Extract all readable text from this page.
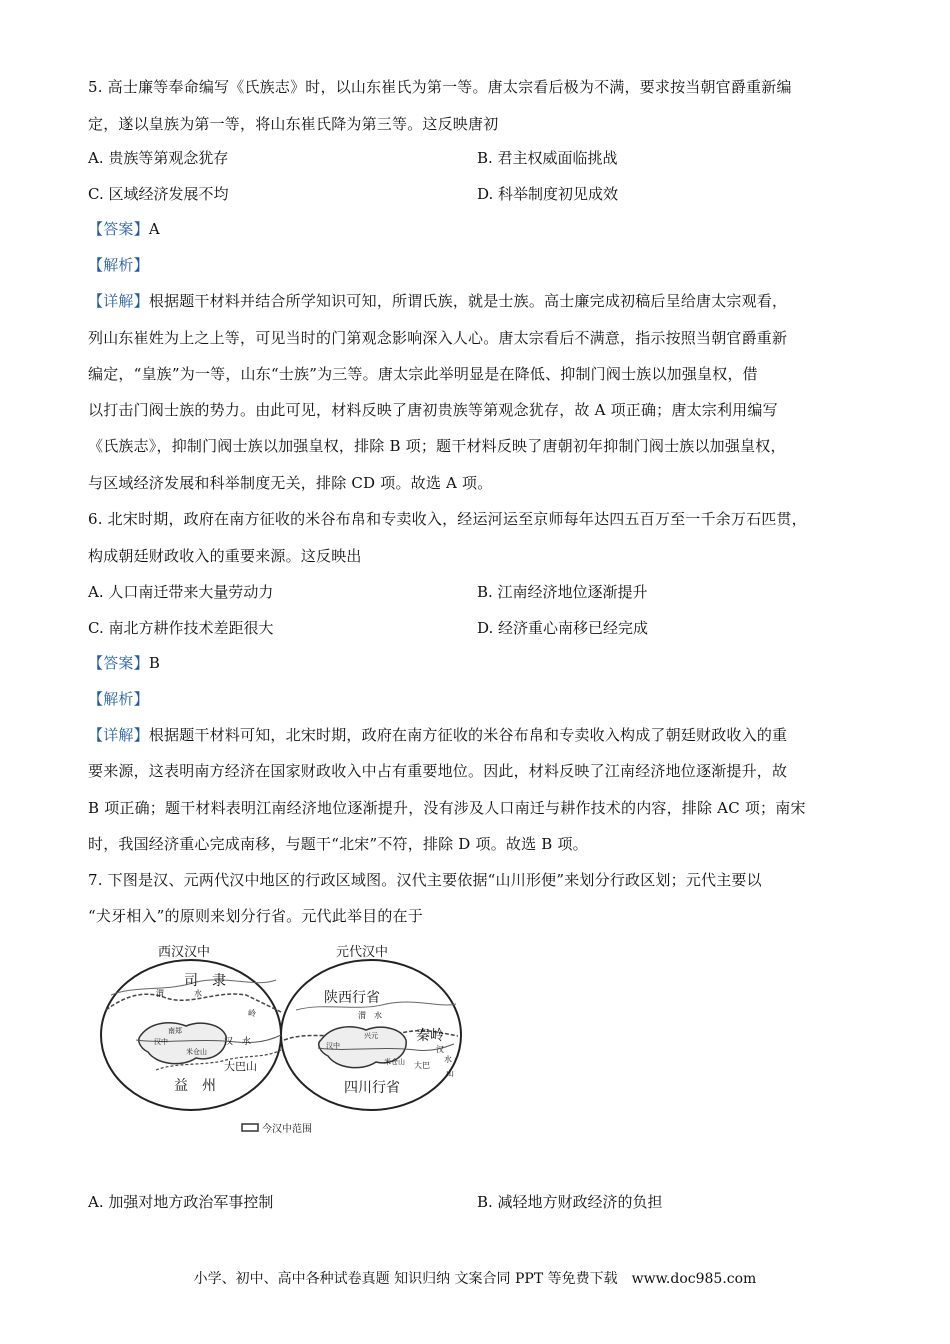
5. 高士廉等奉命编写《氏族志》时，以山东崔氏为第一等。唐太宗看后极为不满，要求按当朝官爵重新编
定，遂以皇族为第一等，将山东崔氏降为第三等。这反映唐初
A. 贵族等第观念犹存	B. 君主权威面临挑战
C. 区域经济发展不均	D. 科举制度初见成效
【答案】A
【解析】
【详解】根据题干材料并结合所学知识可知，所谓氏族，就是士族。高士廉完成初稿后呈给唐太宗观看，
列山东崔姓为上之上等，可见当时的门第观念影响深入人心。唐太宗看后不满意，指示按照当朝官爵重新
编定，“皇族”为一等，山东“士族”为三等。唐太宗此举明显是在降低、抑制门阀士族以加强皇权，借
以打击门阀士族的势力。由此可见，材料反映了唐初贵族等第观念犹存，故 A 项正确；唐太宗利用编写
《氏族志》，抑制门阀士族以加强皇权，排除 B 项；题干材料反映了唐朝初年抑制门阀士族以加强皇权，
与区域经济发展和科举制度无关，排除 CD 项。故选 A 项。
6. 北宋时期，政府在南方征收的米谷布帛和专卖收入，经运河运至京师每年达四五百万至一千余万石匹贯，
构成朝廷财政收入的重要来源。这反映出
A. 人口南迁带来大量劳动力	B. 江南经济地位逐渐提升
C. 南北方耕作技术差距很大	D. 经济重心南移已经完成
【答案】B
【解析】
【详解】根据题干材料可知，北宋时期，政府在南方征收的米谷布帛和专卖收入构成了朝廷财政收入的重
要来源，这表明南方经济在国家财政收入中占有重要地位。因此，材料反映了江南经济地位逐渐提升，故
B 项正确；题干材料表明江南经济地位逐渐提升，没有涉及人口南迁与耕作技术的内容，排除 AC 项；南宋
时，我国经济重心完成南移，与题干“北宋”不符，排除 D 项。故选 B 项。
7. 下图是汉、元两代汉中地区的行政区域图。汉代主要依据“山川形便”来划分行政区划；元代主要以
“犬牙相入”的原则来划分行省。元代此举目的在于
西汉汉中
司　隶
渭	水
岭
南郑
汉中	汉　水
米仓山
大巴山
益　州
元代汉中
陕西行省
渭　水
兴元
汉中
秦岭
汉
水
米仓山 大巴
山
四川行省
今汉中范围
A. 加强对地方政治军事控制	B. 减轻地方财政经济的负担
小学、初中、高中各种试卷真题 知识归纳 文案合同 PPT 等免费下载　www.doc985.com
